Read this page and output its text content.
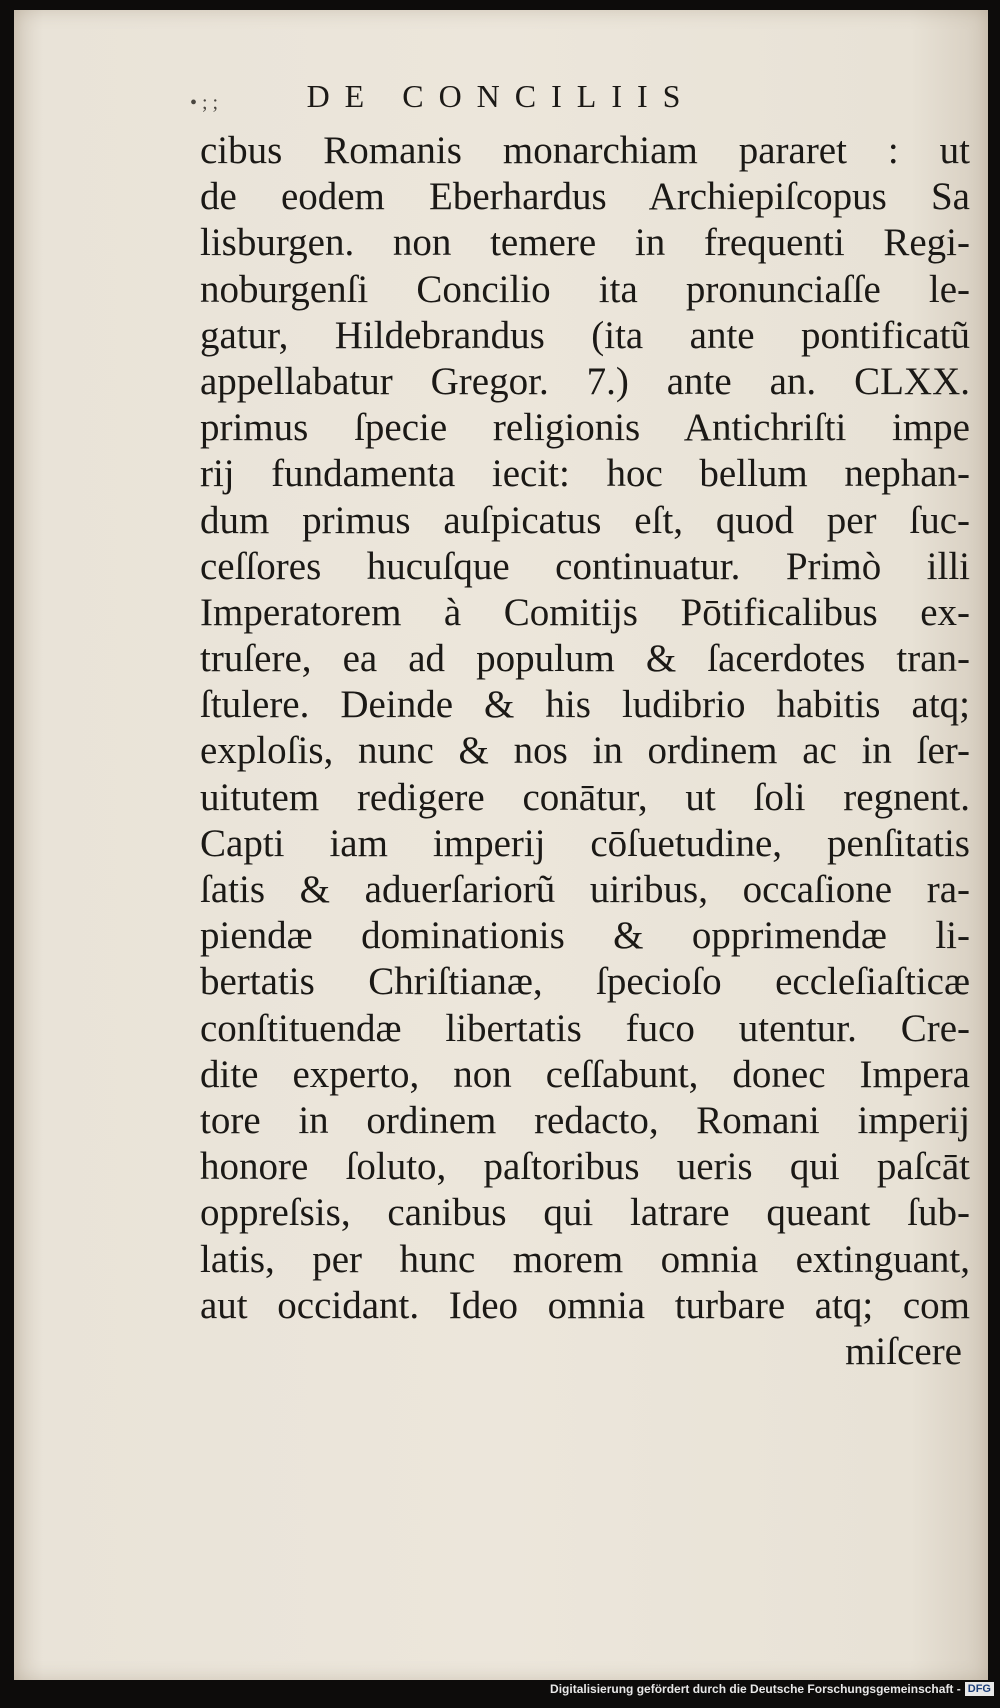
DE CONCILIIS
• ; ;
cibus Romanis monarchiam pararet : ut
de eodem Eberhardus Archiepiſcopus Sa
lisburgen. non temere in frequenti Regi-
noburgenſi Concilio ita pronunciaſſe le-
gatur, Hildebrandus (ita ante pontificatũ
appellabatur Gregor. 7.) ante an. CLXX.
primus ſpecie religionis Antichriſti impe
rĳ fundamenta iecit: hoc bellum nephan-
dum primus auſpicatus eſt, quod per ſuc-
ceſſores hucuſque continuatur. Primò illi
Imperatorem à Comitĳs Pōtificalibus ex-
truſere, ea ad populum & ſacerdotes tran-
ſtulere. Deinde & his ludibrio habitis atq;
exploſis, nunc & nos in ordinem ac in ſer-
uitutem redigere conātur, ut ſoli regnent.
Capti iam imperĳ cōſuetudine, penſitatis
ſatis & aduerſariorũ uiribus, occaſione ra-
piendæ dominationis & opprimendæ li-
bertatis Chriſtianæ, ſpecioſo eccleſiaſticæ
conſtituendæ libertatis fuco utentur. Cre-
dite experto, non ceſſabunt, donec Impera
tore in ordinem redacto, Romani imperĳ
honore ſoluto, paſtoribus ueris qui paſcāt
oppreſsis, canibus qui latrare queant ſub-
latis, per hunc morem omnia extinguant,
aut occidant. Ideo omnia turbare atq; com
miſcere
Digitalisierung gefördert durch die Deutsche Forschungsgemeinschaft - DFG
